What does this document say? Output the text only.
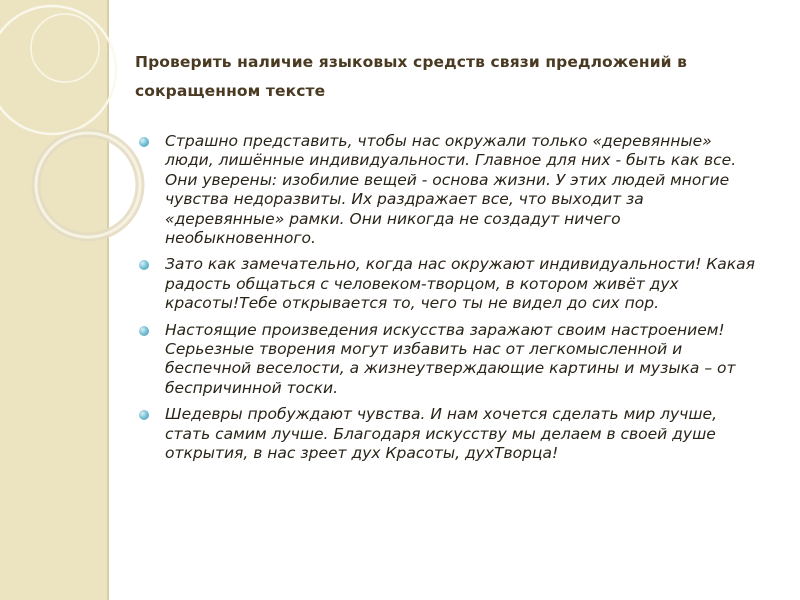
Проверить наличие языковых средств связи предложений в сокращенном тексте
Страшно представить, чтобы нас окружали только «деревянные» люди, лишённые индивидуальности. Главное для них - быть как все. Они уверены: изобилие вещей - основа жизни. У этих людей многие чувства недоразвиты. Их раздражает все, что выходит за «деревянные» рамки. Они никогда не создадут ничего необыкновенного.
Зато как замечательно, когда нас окружают индивидуальности! Какая радость общаться с человеком-творцом, в котором живёт дух красоты!Тебе открывается то, чего ты не видел до сих пор.
Настоящие произведения искусства заражают своим настроением! Серьезные творения могут избавить нас от легкомысленной и беспечной веселости, а жизнеутверждающие картины и музыка – от беспричинной тоски.
Шедевры пробуждают чувства. И нам хочется сделать мир лучше, стать самим лучше. Благодаря искусству мы делаем в своей душе открытия, в нас зреет дух Красоты, духТворца!
